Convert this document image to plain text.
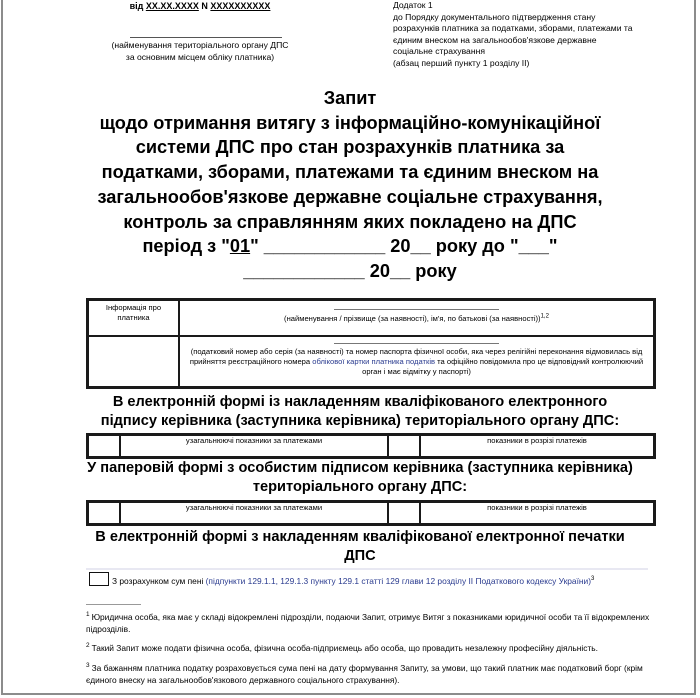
від XX.XX.XXXX N XXXXXXXXXX
(найменування територіального органу ДПС
за основним місцем обліку платника)
Додаток 1
до Порядку документального підтвердження стану
розрахунків платника за податками, зборами, платежами та
єдиним внеском на загальнообов'язкове державне
соціальне страхування
(абзац перший пункту 1 розділу II)
Запит
щодо отримання витягу з інформаційно-комунікаційної
системи ДПС про стан розрахунків платника за
податками, зборами, платежами та єдиним внеском на
загальнообов'язкове державне соціальне страхування,
контроль за справлянням яких покладено на ДПС
період з "01" ____________ 20__ року до "___"
____________ 20__ року
Інформація про платника	(найменування / прізвище (за наявності), ім'я, по батькові (за наявності))$^{1,2}$

(податковий номер або серія (за наявності) та номер паспорта фізичної особи, яка через релігійні переконання відмовилась від прийняття реєстраційного номера облікової картки платника податків та офіційно повідомила про це відповідний контролюючий орган і має відмітку у паспорті)
В електронній формі із накладенням кваліфікованого електронного
підпису керівника (заступника керівника) територіального органу ДПС:
	узагальнюючі показники за платежами		показники в розрізі платежів
У паперовій формі з особистим підписом керівника (заступника керівника)
територіального органу ДПС:
	узагальнюючі показники за платежами		показники в розрізі платежів
В електронній формі з накладенням кваліфікованої електронної печатки
ДПС
З розрахунком сум пені (підпункти 129.1.1, 129.1.3 пункту 129.1 статті 129 глави 12 розділу II Податкового кодексу України)$^3$
$^1$ Юридична особа, яка має у складі відокремлені підрозділи, подаючи Запит, отримує Витяг з показниками юридичної особи та її відокремлених підрозділів.
$^2$ Такий Запит може подати фізична особа, фізична особа-підприємець або особа, що провадить незалежну професійну діяльність.
$^3$ За бажанням платника податку розраховується сума пені на дату формування Запиту, за умови, що такий платник має податковий борг (крім єдиного внеску на загальнообов'язкового державного соціального страхування).
